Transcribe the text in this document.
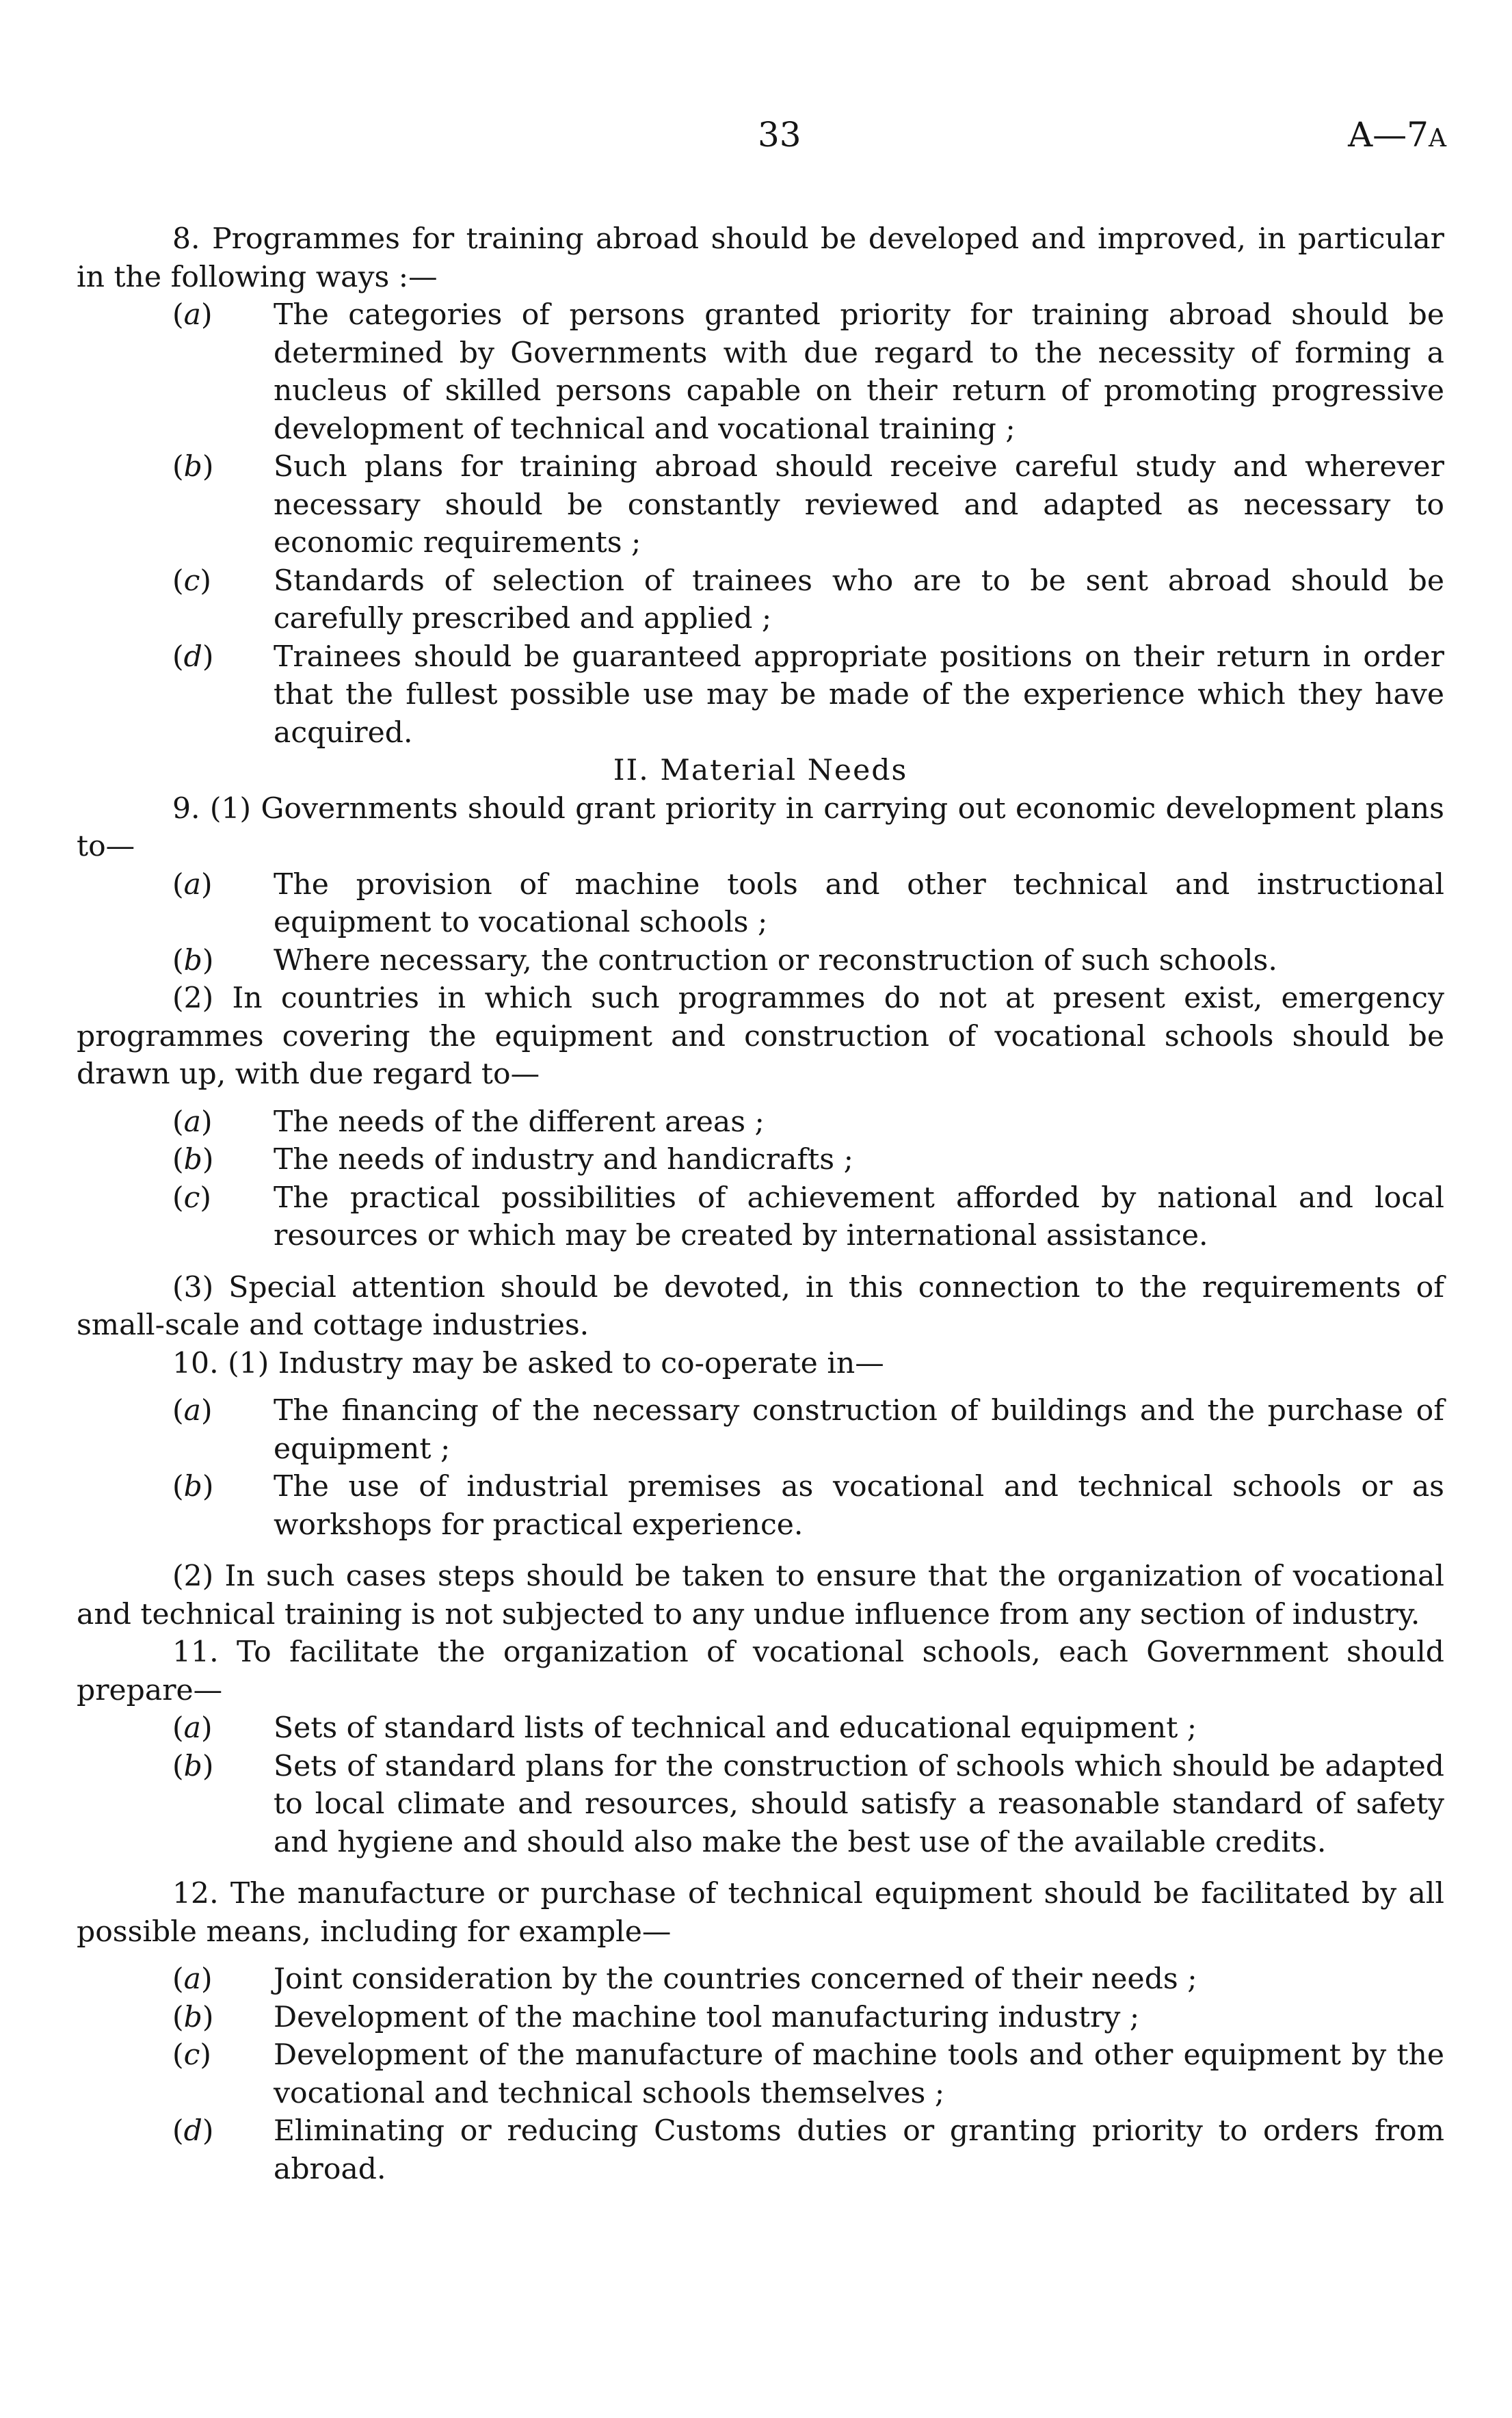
33	A—7A

8. Programmes for training abroad should be developed and improved, in particular in the following ways :—

(a) The categories of persons granted priority for training abroad should be determined by Governments with due regard to the necessity of forming a nucleus of skilled persons capable on their return of promoting progressive development of technical and vocational training ;

(b) Such plans for training abroad should receive careful study and wherever necessary should be constantly reviewed and adapted as necessary to economic requirements ;

(c) Standards of selection of trainees who are to be sent abroad should be carefully prescribed and applied ;

(d) Trainees should be guaranteed appropriate positions on their return in order that the fullest possible use may be made of the experience which they have acquired.

II. Material Needs

9. (1) Governments should grant priority in carrying out economic development plans to—

(a) The provision of machine tools and other technical and instructional equipment to vocational schools ;

(b) Where necessary, the contruction or reconstruction of such schools.

(2) In countries in which such programmes do not at present exist, emergency programmes covering the equipment and construction of vocational schools should be drawn up, with due regard to—

(a) The needs of the different areas ;

(b) The needs of industry and handicrafts ;

(c) The practical possibilities of achievement afforded by national and local resources or which may be created by international assistance.

(3) Special attention should be devoted, in this connection to the requirements of small-scale and cottage industries.

10. (1) Industry may be asked to co-operate in—

(a) The financing of the necessary construction of buildings and the purchase of equipment ;

(b) The use of industrial premises as vocational and technical schools or as workshops for practical experience.

(2) In such cases steps should be taken to ensure that the organization of vocational and technical training is not subjected to any undue influence from any section of industry.

11. To facilitate the organization of vocational schools, each Government should prepare—

(a) Sets of standard lists of technical and educational equipment ;

(b) Sets of standard plans for the construction of schools which should be adapted to local climate and resources, should satisfy a reasonable standard of safety and hygiene and should also make the best use of the available credits.

12. The manufacture or purchase of technical equipment should be facilitated by all possible means, including for example—

(a) Joint consideration by the countries concerned of their needs ;

(b) Development of the machine tool manufacturing industry ;

(c) Development of the manufacture of machine tools and other equipment by the vocational and technical schools themselves ;

(d) Eliminating or reducing Customs duties or granting priority to orders from abroad.
